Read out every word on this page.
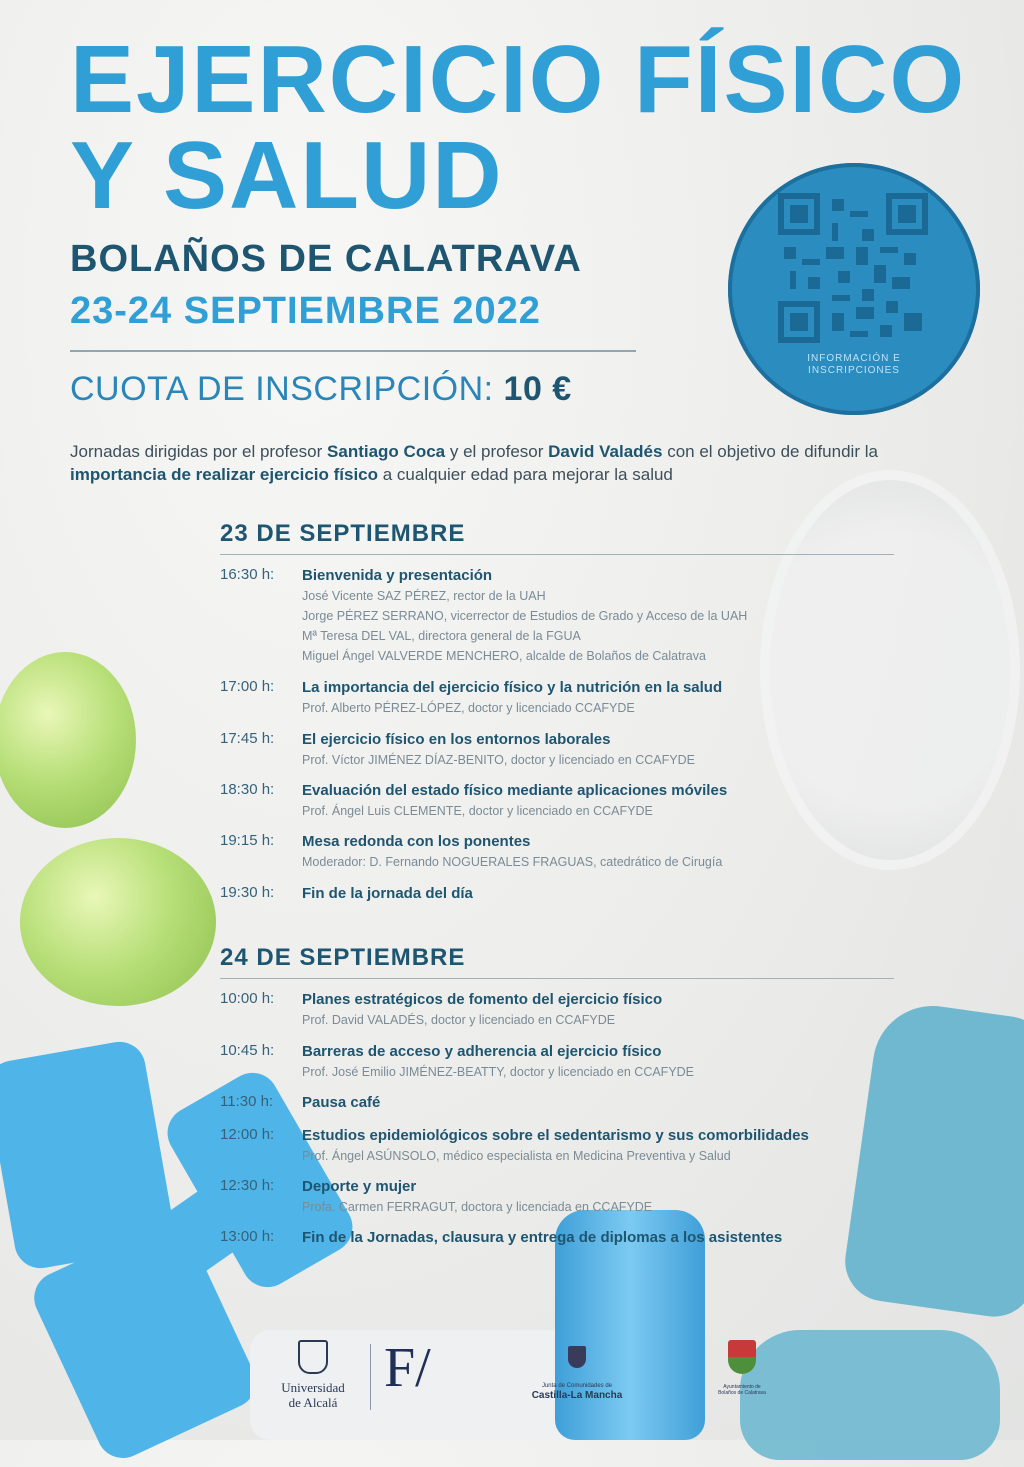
EJERCICIO FÍSICO
Y SALUD
BOLAÑOS DE CALATRAVA
23-24 SEPTIEMBRE 2022
CUOTA DE INSCRIPCIÓN: 10 €
INFORMACIÓN E
INSCRIPCIONES
Jornadas dirigidas por el profesor Santiago Coca y el profesor David Valadés con el objetivo de difundir la importancia de realizar ejercicio físico a cualquier edad para mejorar la salud
23 DE SEPTIEMBRE
16:30 h:	Bienvenida y presentación
José Vicente SAZ PÉREZ, rector de la UAH
Jorge PÉREZ SERRANO, vicerrector de Estudios de Grado y Acceso de la UAH
Mª Teresa DEL VAL, directora general de la FGUA
Miguel Ángel VALVERDE MENCHERO, alcalde de Bolaños de Calatrava
17:00 h:	La importancia del ejercicio físico y la nutrición en la salud
Prof. Alberto PÉREZ-LÓPEZ, doctor y licenciado CCAFYDE
17:45 h:	El ejercicio físico en los entornos laborales
Prof. Víctor JIMÉNEZ DÍAZ-BENITO, doctor y licenciado en CCAFYDE
18:30 h:	Evaluación del estado físico mediante aplicaciones móviles
Prof. Ángel Luis CLEMENTE, doctor y licenciado en CCAFYDE
19:15 h:	Mesa redonda con los ponentes
Moderador: D. Fernando NOGUERALES FRAGUAS, catedrático de Cirugía
19:30 h:	Fin de la jornada del día
24 DE SEPTIEMBRE
10:00 h:	Planes estratégicos de fomento del ejercicio físico
Prof. David VALADÉS, doctor y licenciado en CCAFYDE
10:45 h:	Barreras de acceso y adherencia al ejercicio físico
Prof. José Emilio JIMÉNEZ-BEATTY, doctor y licenciado en CCAFYDE
11:30 h:	Pausa café
12:00 h:	Estudios epidemiológicos sobre el sedentarismo y sus comorbilidades
Prof. Ángel ASÚNSOLO, médico especialista en Medicina Preventiva y Salud
12:30 h:	Deporte y mujer
Profa. Carmen FERRAGUT, doctora y licenciada en CCAFYDE
13:00 h:	Fin de la Jornadas, clausura y entrega de diplomas a los asistentes
Universidad
de Alcalá
F/	Junta de Comunidades de
Castilla-La Mancha
Ayuntamiento de
Bolaños de Calatrava
